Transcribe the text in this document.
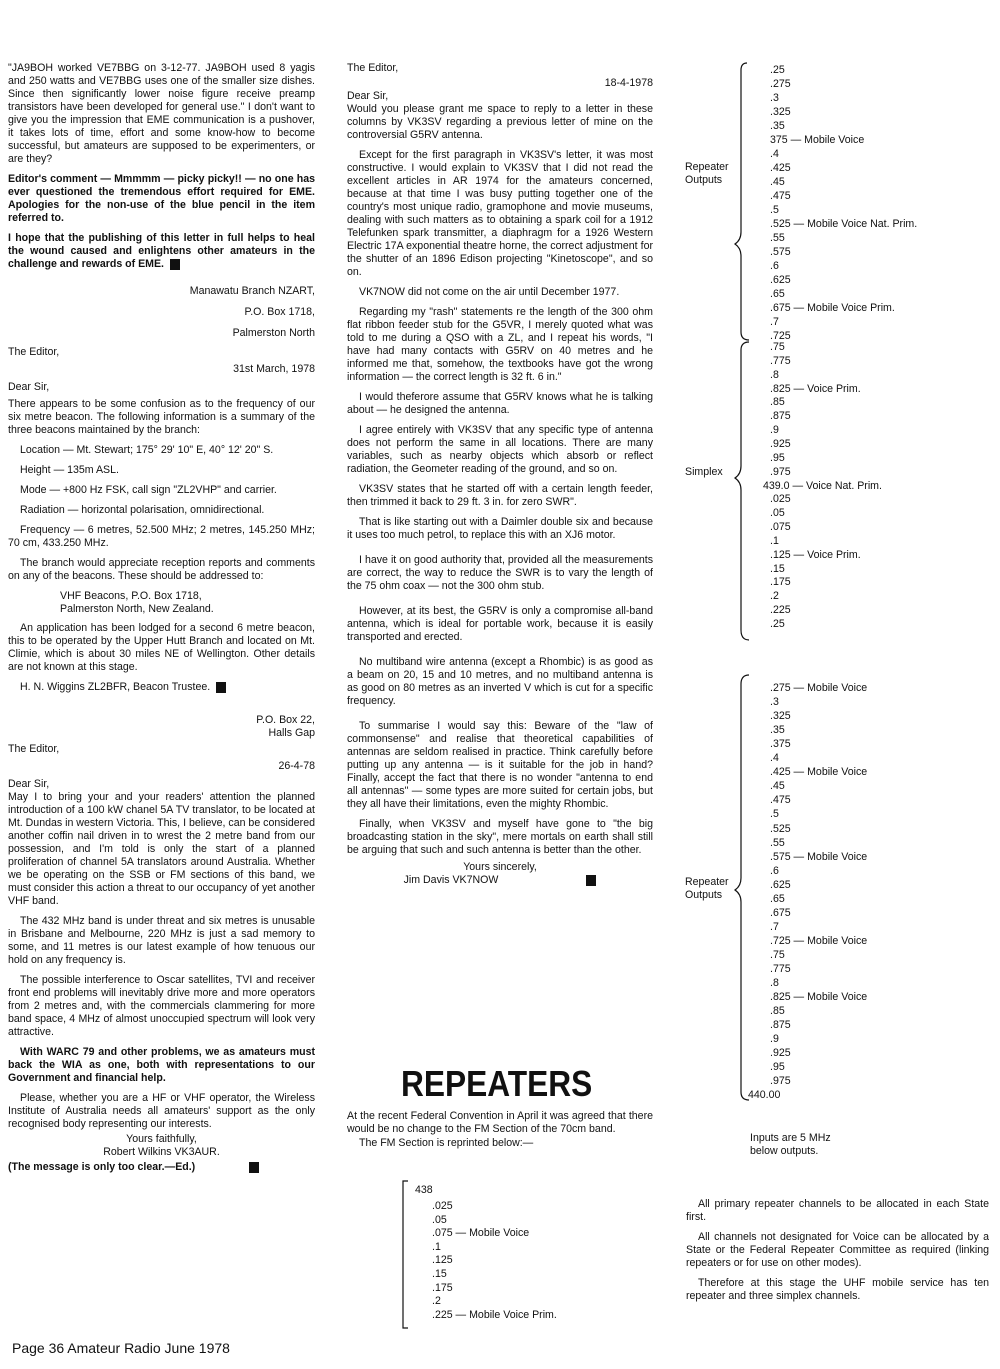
"JA9BOH worked VE7BBG on 3-12-77. JA9BOH used 8 yagis and 250 watts and VE7BBG uses one of the smaller size dishes. Since then significantly lower noise figure receive preamp transistors have been developed for general use." I don't want to give you the impression that EME communication is a pushover, it takes lots of time, effort and some know-how to become successful, but amateurs are supposed to be experimenters, or are they?

Editor's comment — Mmmmm — picky picky!! — no one has ever questioned the tremendous effort required for EME. Apologies for the non-use of the blue pencil in the item referred to.

I hope that the publishing of this letter in full helps to heal the wound caused and enlightens other amateurs in the challenge and rewards of EME.

Manawatu Branch NZART,
P.O. Box 1718,
Palmerston North
The Editor,
31st March, 1978
Dear Sir,

There appears to be some confusion as to the frequency of our six metre beacon. The following information is a summary of the three beacons maintained by the branch:

Location — Mt. Stewart; 175° 29' 10" E, 40° 12' 20" S.

Height — 135m ASL.

Mode — +800 Hz FSK, call sign "ZL2VHP" and carrier.

Radiation — horizontal polarisation, omnidirectional.

Frequency — 6 metres, 52.500 MHz; 2 metres, 145.250 MHz; 70 cm, 433.250 MHz.

The branch would appreciate reception reports and comments on any of the beacons. These should be addressed to:

VHF Beacons, P.O. Box 1718,
Palmerston North, New Zealand.

An application has been lodged for a second 6 metre beacon, this to be operated by the Upper Hutt Branch and located on Mt. Climie, which is about 30 miles NE of Wellington. Other details are not known at this stage.

H. N. Wiggins ZL2BFR, Beacon Trustee.
P.O. Box 22,
Halls Gap
The Editor,
26-4-78
Dear Sir,

May I to bring your and your readers' attention the planned introduction of a 100 kW chanel 5A TV translator, to be located at Mt. Dundas in western Victoria. This, I believe, can be considered another coffin nail driven in to wrest the 2 metre band from our possession, and I'm told is only the start of a planned proliferation of channel 5A translators around Australia. Whether we be operating on the SSB or FM sections of this band, we must consider this action a threat to our occupancy of yet another VHF band.

The 432 MHz band is under threat and six metres is unusable in Brisbane and Melbourne, 220 MHz is just a sad memory to some, and 11 metres is our latest example of how tenuous our hold on any frequency is.

The possible interference to Oscar satellites, TVI and receiver front end problems will inevitably drive more and more operators from 2 metres and, with the commercials clammering for more band space, 4 MHz of almost unoccupied spectrum will look very attractive.

With WARC 79 and other problems, we as amateurs must back the WIA as one, both with representations to our Government and financial help.

Please, whether you are a HF or VHF operator, the Wireless Institute of Australia needs all amateurs' support as the only recognised body representing our interests.

Yours faithfully,
Robert Wilkins VK3AUR.
(The message is only too clear.—Ed.)
The Editor,
18-4-1978
Dear Sir,

Would you please grant me space to reply to a letter in these columns by VK3SV regarding a previous letter of mine on the controversial G5RV antenna.

Except for the first paragraph in VK3SV's letter, it was most constructive. I would explain to VK3SV that I did not read the excellent articles in AR 1974 for the amateurs concerned, because at that time I was busy putting together one of the country's most unique radio, gramophone and movie museums, dealing with such matters as to obtaining a spark coil for a 1912 Telefunken spark transmitter, a diaphragm for a 1926 Western Electric 17A exponential theatre horne, the correct adjustment for the shutter of an 1896 Edison projecting "Kinetoscope", and so on.

VK7NOW did not come on the air until December 1977.

Regarding my "rash" statements re the length of the 300 ohm flat ribbon feeder stub for the G5VR, I merely quoted what was told to me during a QSO with a ZL, and I repeat his words, "I have had many contacts with G5RV on 40 metres and he informed me that, somehow, the textbooks have got the wrong information — the correct length is 32 ft. 6 in."

I would theferore assume that G5RV knows what he is talking about — he designed the antenna.

I agree entirely with VK3SV that any specific type of antenna does not perform the same in all locations. There are many variables, such as nearby objects which absorb or reflect radiation, the Geometer reading of the ground, and so on.

VK3SV states that he started off with a certain length feeder, then trimmed it back to 29 ft. 3 in. for zero SWR".

That is like starting out with a Daimler double six and because it uses too much petrol, to replace this with an XJ6 motor.

I have it on good authority that, provided all the measurements are correct, the way to reduce the SWR is to vary the length of the 75 ohm coax — not the 300 ohm stub.

However, at its best, the G5RV is only a compromise all-band antenna, which is ideal for portable work, because it is easily transported and erected.

No multiband wire antenna (except a Rhombic) is as good as a beam on 20, 15 and 10 metres, and no multiband antenna is as good on 80 metres as an inverted V which is cut for a specific frequency.

To summarise I would say this: Beware of the "law of commonsense" and realise that theoretical capabilities of antennas are seldom realised in practice. Think carefully before putting up any antenna — is it suitable for the job in hand? Finally, accept the fact that there is no wonder "antenna to end all antennas" — some types are more suited for certain jobs, but they all have their limitations, even the mighty Rhombic.

Finally, when VK3SV and myself have gone to "the big broadcasting station in the sky", mere mortals on earth shall still be arguing that such and such antenna is better than the other.

Yours sincerely,
Jim Davis VK7NOW
REPEATERS

At the recent Federal Convention in April it was agreed that there would be no change to the FM Section of the 70cm band.

The FM Section is reprinted below:—
438
.025
.05
.075 — Mobile Voice
.1
.125
.15
.175
.2
.225 — Mobile Voice Prim.
Repeater
Outputs
Simplex
Repeater
Outputs
.25
.275
.3
.325
.35
375 — Mobile Voice
.4
.425
.45
.475
.5
.525 — Mobile Voice Nat. Prim.
.55
.575
.6
.625
.65
.675 — Mobile Voice Prim.
.7
.725
.75
.775
.8
.825 — Voice Prim.
.85
.875
.9
.925
.95
.975
439.0 — Voice Nat. Prim.
.025
.05
.075
.1
.125 — Voice Prim.
.15
.175
.2
.225
.25
.275 — Mobile Voice
.3
.325
.35
.375
.4
.425 — Mobile Voice
.45
.475
.5
.525
.55
.575 — Mobile Voice
.6
.625
.65
.675
.7
.725 — Mobile Voice
.75
.775
.8
.825 — Mobile Voice
.85
.875
.9
.925
.95
.975
440.00
Inputs are 5 MHz
below outputs.

All primary repeater channels to be allocated in each State first.

All channels not designated for Voice can be allocated by a State or the Federal Repeater Committee as required (linking repeaters or for use on other modes).

Therefore at this stage the UHF mobile service has ten repeater and three simplex channels.

Page 36 Amateur Radio June 1978
